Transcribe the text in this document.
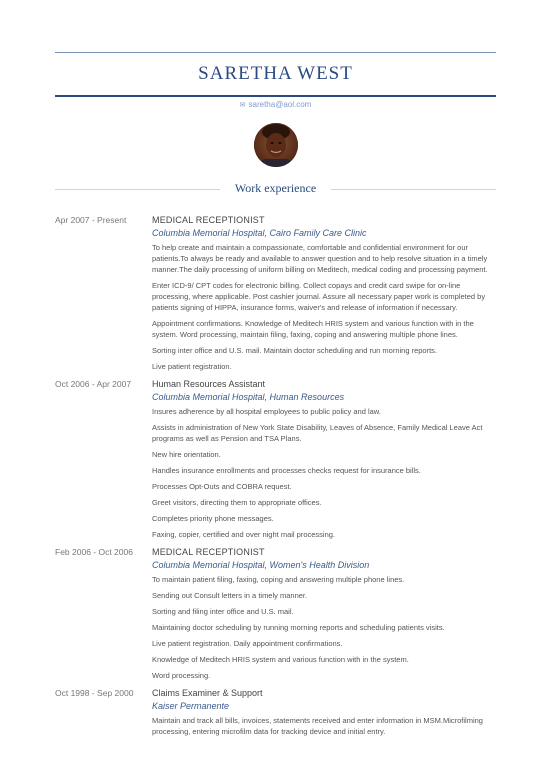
SARETHA WEST
✉ saretha@aol.com
Work experience
Apr 2007 - Present	MEDICAL RECEPTIONIST
Columbia Memorial Hospital, Cairo Family Care Clinic

To help create and maintain a compassionate, comfortable and confidential environment for our patients.To always be ready and available to answer question and to help resolve situation in a timely manner.The daily processing of uniform billing on Meditech, medical coding and processing payment.

Enter ICD-9/ CPT codes for electronic billing. Collect copays and credit card swipe for on-line processing, where applicable. Post cashier journal. Assure all necessary paper work is completed by patients signing of HIPPA, insurance forms, waiver's and release of information if necessary.

Appointment confirmations. Knowledge of Meditech HRIS system and various function with in the system. Word processing, maintain filing, faxing, coping and answering multiple phone lines.

Sorting inter office and U.S. mail. Maintain doctor scheduling and run morning reports.

Live patient registration.

Oct 2006 - Apr 2007	Human Resources Assistant
Columbia Memorial Hospital, Human Resources

Insures adherence by all hospital employees to public policy and law.

Assists in administration of New York State Disability, Leaves of Absence, Family Medical Leave Act programs as well as Pension and TSA Plans.

New hire orientation.

Handles insurance enrollments and processes checks request for insurance bills.

Processes Opt-Outs and COBRA request.

Greet visitors, directing them to appropriate offices.

Completes priority phone messages.

Faxing, copier, certified and over night mail processing.

Feb 2006 - Oct 2006	MEDICAL RECEPTIONIST
Columbia Memorial Hospital, Women's Health Division

To maintain patient filing, faxing, coping and answering multiple phone lines.

Sending out Consult letters in a timely manner.

Sorting and filing inter office and U.S. mail.

Maintaining doctor scheduling by running morning reports and scheduling patients visits.

Live patient registration. Daily appointment confirmations.

Knowledge of Meditech HRIS system and various function with in the system.

Word processing.

Oct 1998 - Sep 2000	Claims Examiner & Support
Kaiser Permanente

Maintain and track all bills, invoices, statements received and enter information in MSM.Microfilming processing, entering microfilm data for tracking device and initial entry.
